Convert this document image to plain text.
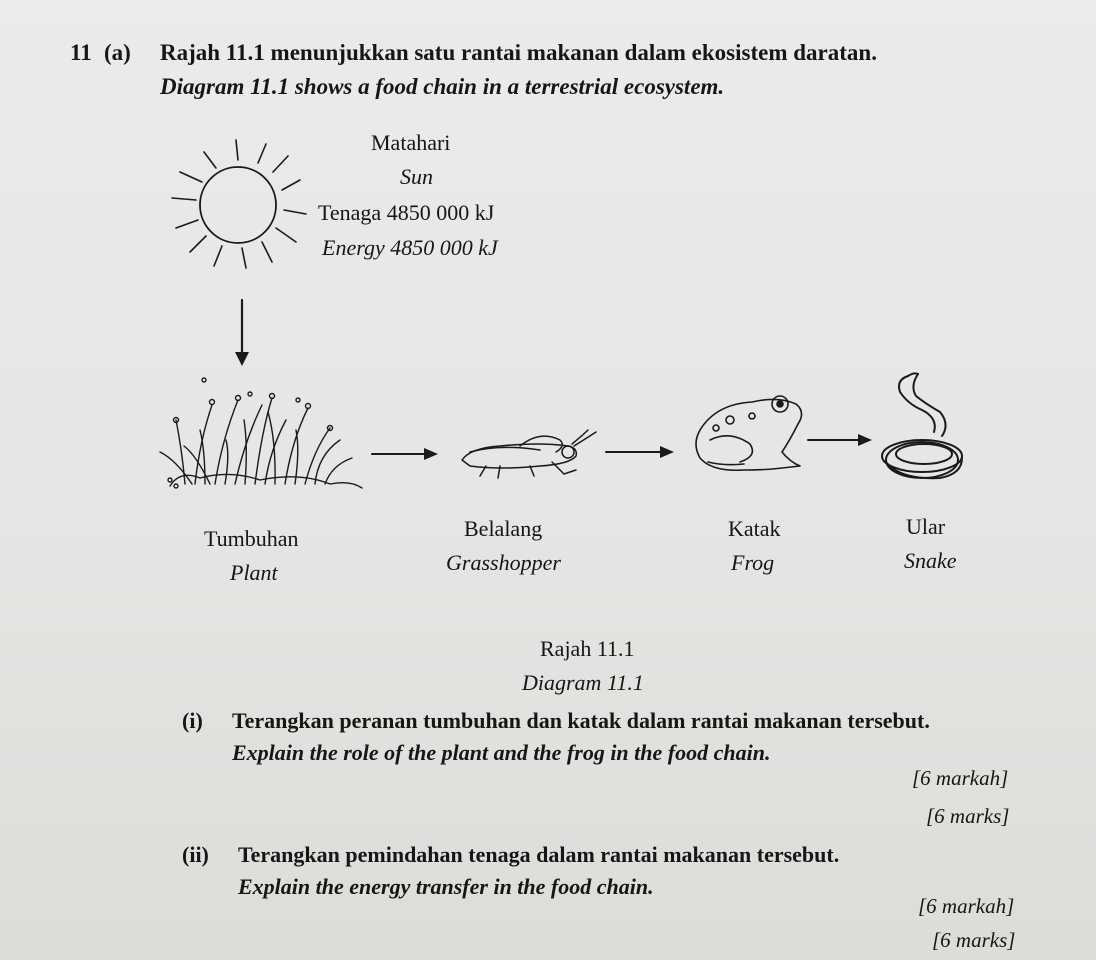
11 (a) Rajah 11.1 menunjukkan satu rantai makanan dalam ekosistem daratan.
Diagram 11.1 shows a food chain in a terrestrial ecosystem.
Matahari
Sun
Tenaga 4850 000 kJ
Energy 4850 000 kJ
Tumbuhan
Plant
Belalang
Grasshopper
Katak
Frog
Ular
Snake
Rajah 11.1
Diagram 11.1
(i) Terangkan peranan tumbuhan dan katak dalam rantai makanan tersebut.
Explain the role of the plant and the frog in the food chain.
[6 markah]
[6 marks]
(ii) Terangkan pemindahan tenaga dalam rantai makanan tersebut.
Explain the energy transfer in the food chain.
[6 markah]
[6 marks]
